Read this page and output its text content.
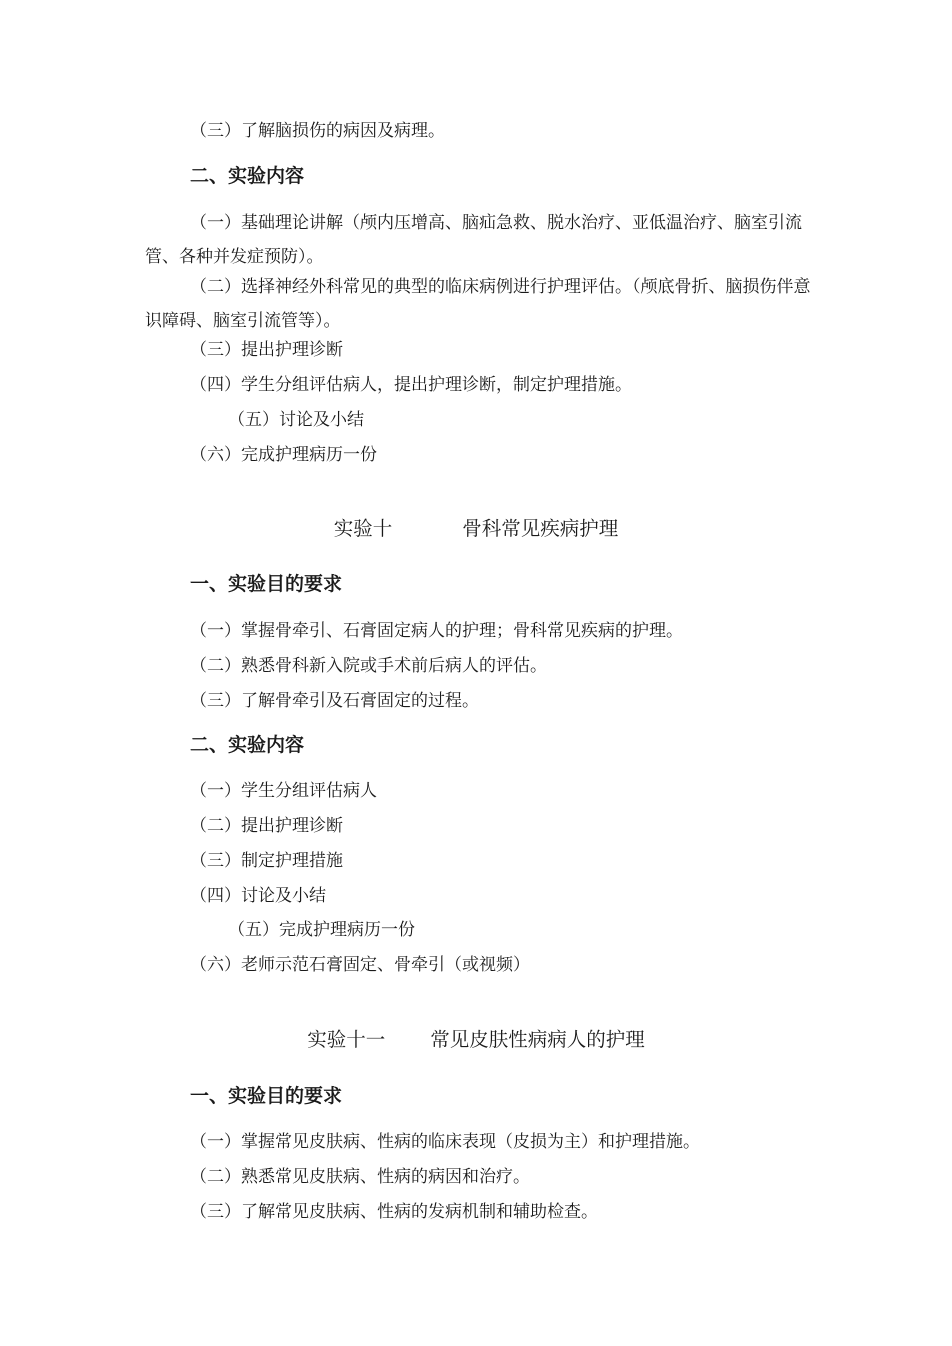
（三）了解脑损伤的病因及病理。
二、实验内容
（一）基础理论讲解（颅内压增高、脑疝急救、脱水治疗、亚低温治疗、脑室引流管、各种并发症预防）。
（二）选择神经外科常见的典型的临床病例进行护理评估。（颅底骨折、脑损伤伴意识障碍、脑室引流管等）。
（三）提出护理诊断
（四）学生分组评估病人，提出护理诊断，制定护理措施。
（五）讨论及小结
（六）完成护理病历一份
实验十	骨科常见疾病护理
一、实验目的要求
（一）掌握骨牵引、石膏固定病人的护理；骨科常见疾病的护理。
（二）熟悉骨科新入院或手术前后病人的评估。
（三）了解骨牵引及石膏固定的过程。
二、实验内容
（一）学生分组评估病人
（二）提出护理诊断
（三）制定护理措施
（四）讨论及小结
（五）完成护理病历一份
（六）老师示范石膏固定、骨牵引（或视频）
实验十一 常见皮肤性病病人的护理
一、实验目的要求
（一）掌握常见皮肤病、性病的临床表现（皮损为主）和护理措施。
（二）熟悉常见皮肤病、性病的病因和治疗。
（三）了解常见皮肤病、性病的发病机制和辅助检查。
